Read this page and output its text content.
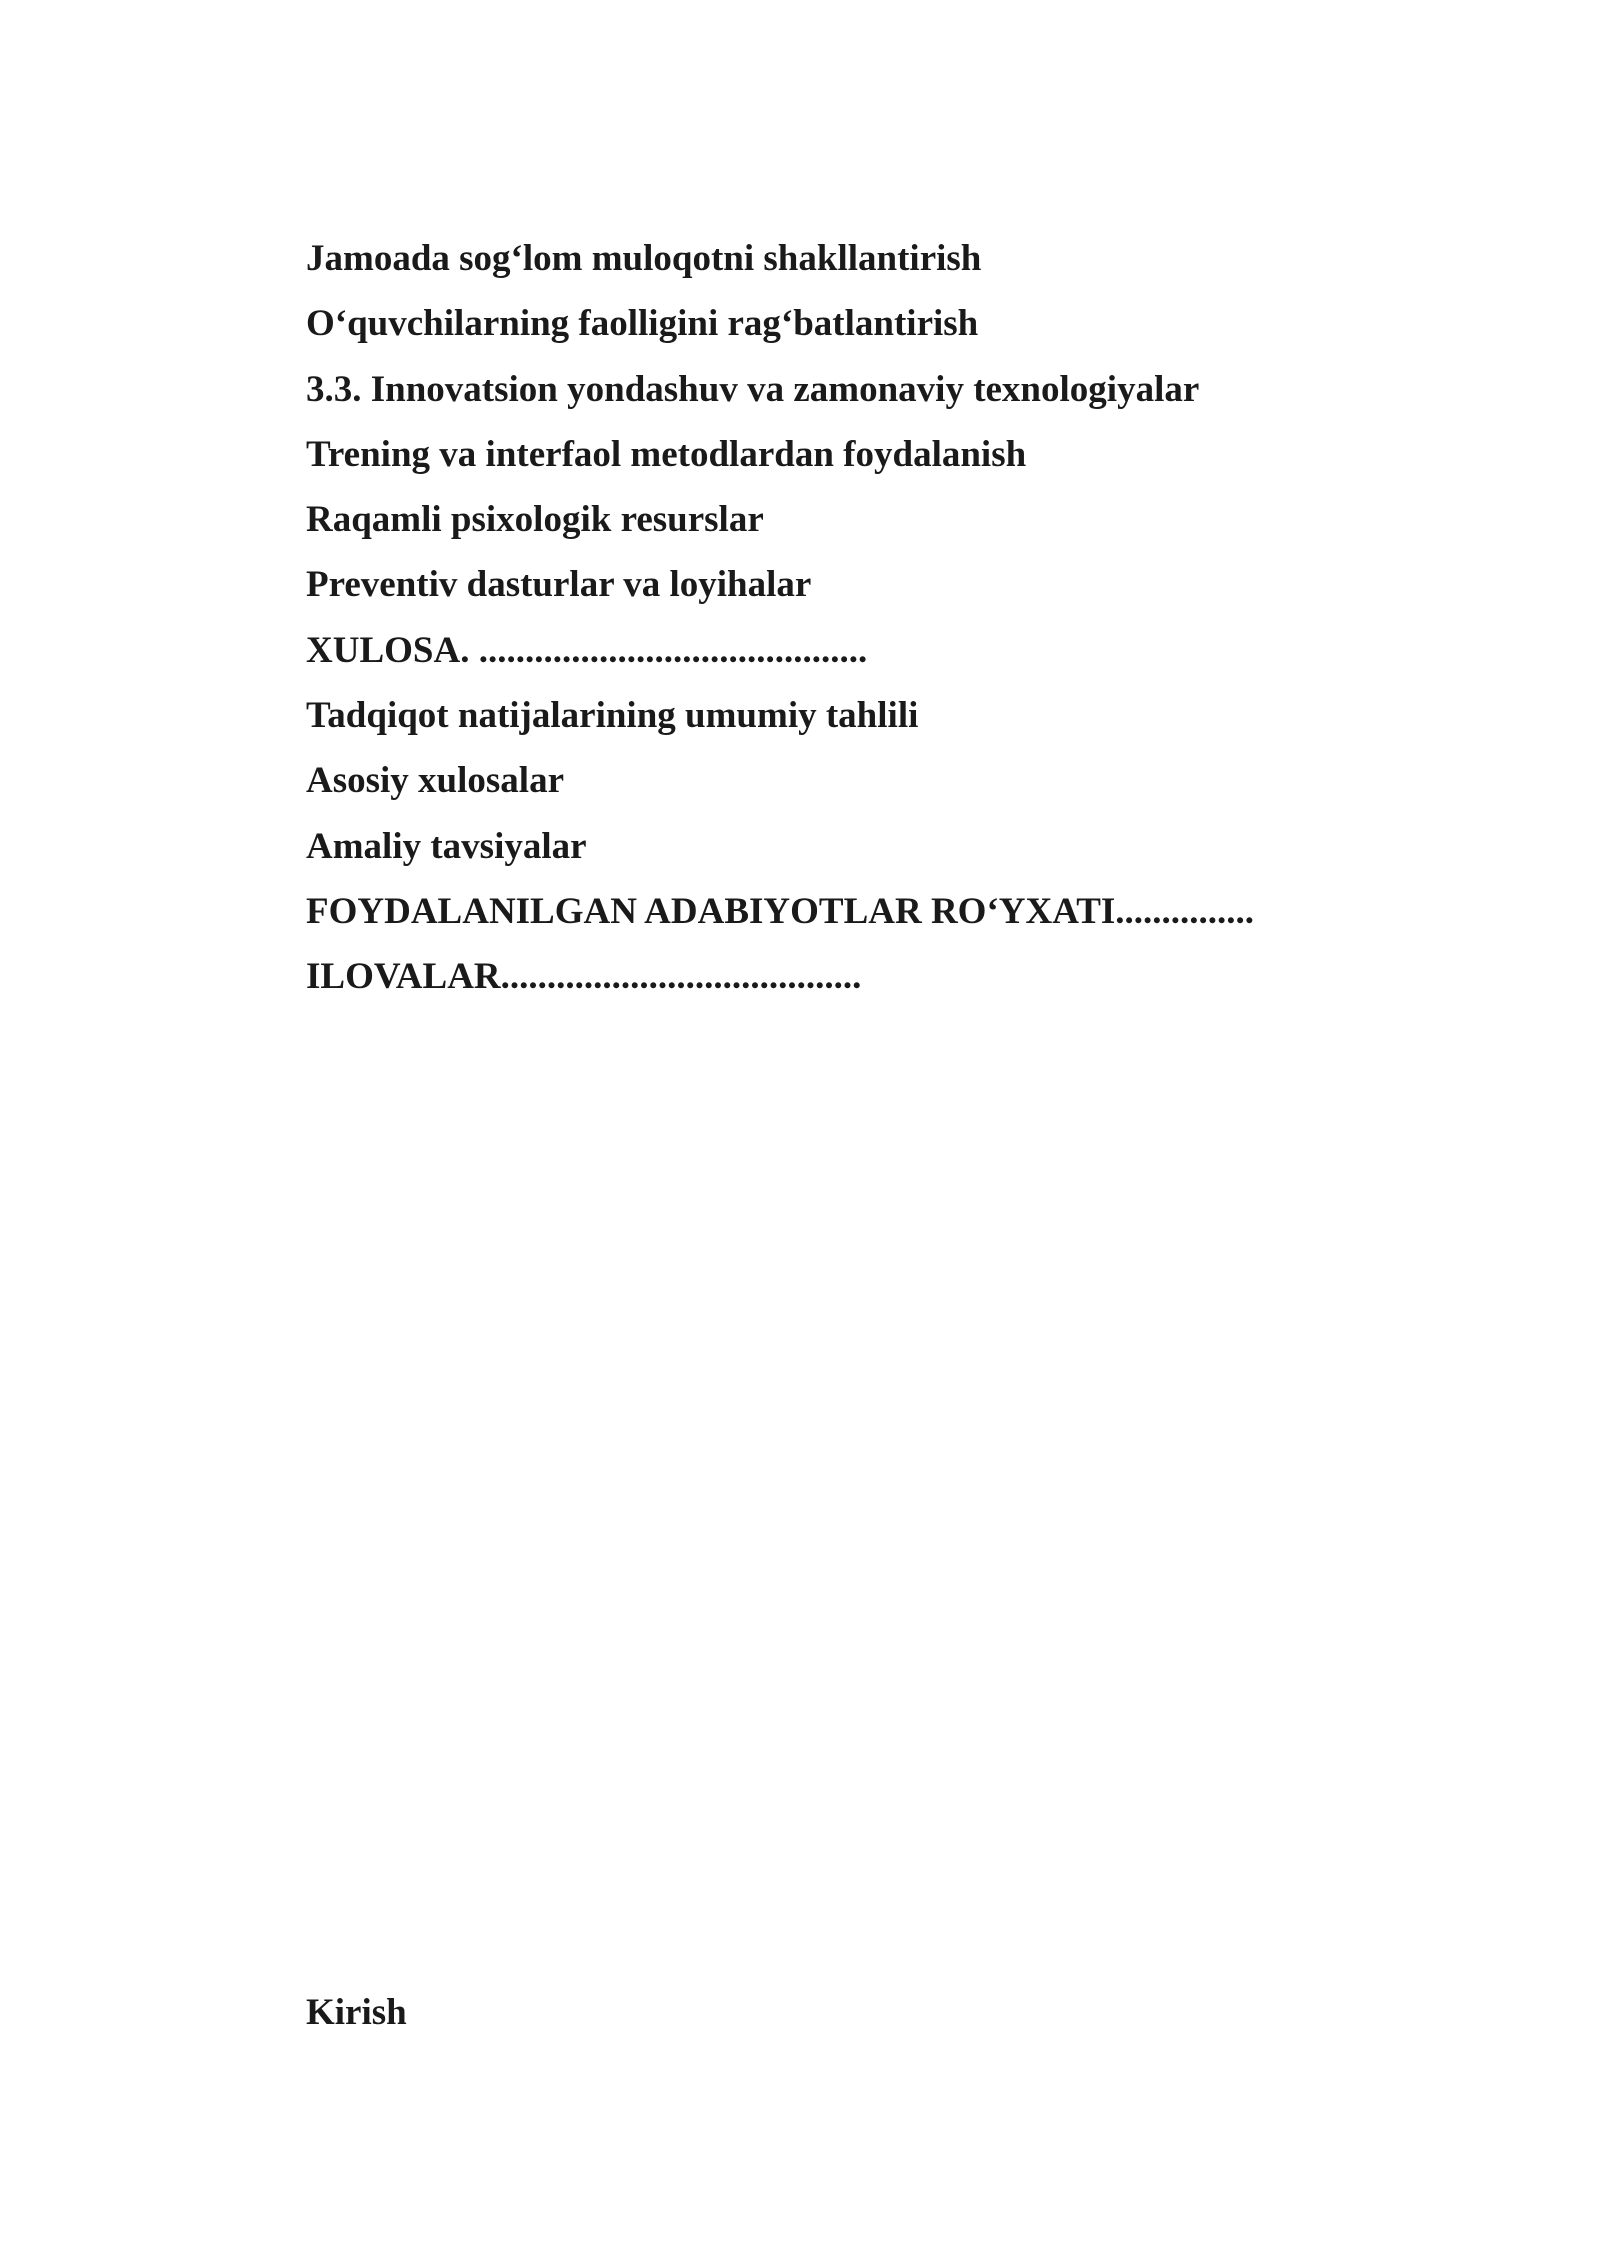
Jamoada sog‘lom muloqotni shakllantirish
O‘quvchilarning faolligini rag‘batlantirish
3.3. Innovatsion yondashuv va zamonaviy texnologiyalar
Trening va interfaol metodlardan foydalanish
Raqamli psixologik resurslar
Preventiv dasturlar va loyihalar
XULOSA. ..........................................
Tadqiqot natijalarining umumiy tahlili
Asosiy xulosalar
Amaliy tavsiyalar
FOYDALANILGAN ADABIYOTLAR RO‘YXATI...............
ILOVALAR.......................................
Kirish
